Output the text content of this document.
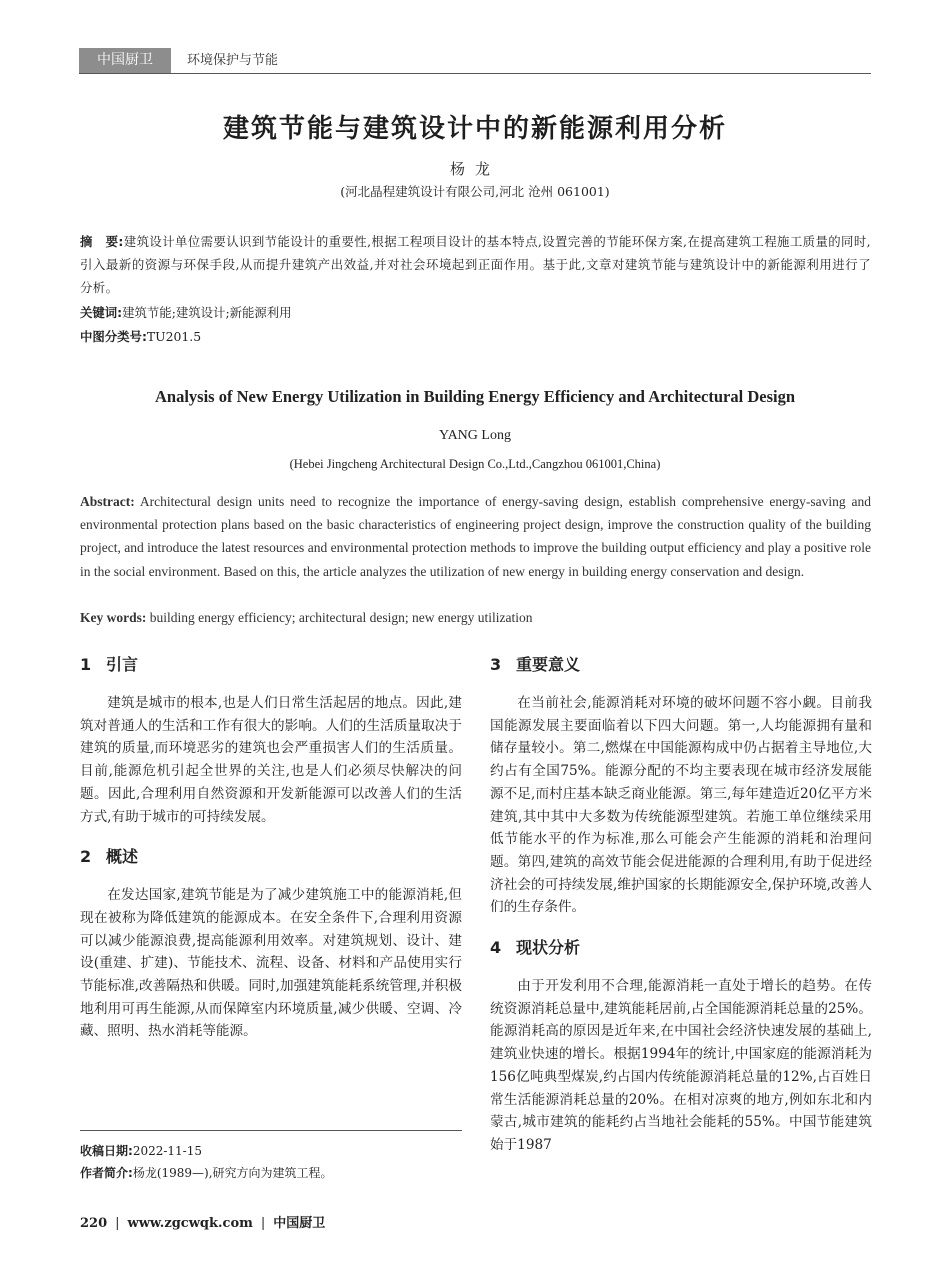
中国厨卫	环境保护与节能
建筑节能与建筑设计中的新能源利用分析
杨龙
(河北晶程建筑设计有限公司,河北 沧州 061001)
摘　要:建筑设计单位需要认识到节能设计的重要性,根据工程项目设计的基本特点,设置完善的节能环保方案,在提高建筑工程施工质量的同时,引入最新的资源与环保手段,从而提升建筑产出效益,并对社会环境起到正面作用。基于此,文章对建筑节能与建筑设计中的新能源利用进行了分析。
关键词:建筑节能;建筑设计;新能源利用
中图分类号:TU201.5
Analysis of New Energy Utilization in Building Energy Efficiency and Architectural Design
YANG Long
(Hebei Jingcheng Architectural Design Co.,Ltd.,Cangzhou 061001,China)
Abstract: Architectural design units need to recognize the importance of energy-saving design, establish comprehensive energy-saving and environmental protection plans based on the basic characteristics of engineering project design, improve the construction quality of the building project, and introduce the latest resources and environmental protection methods to improve the building output efficiency and play a positive role in the social environment. Based on this, the article analyzes the utilization of new energy in building energy conservation and design.
Key words: building energy efficiency; architectural design; new energy utilization
1 引言

建筑是城市的根本,也是人们日常生活起居的地点。因此,建筑对普通人的生活和工作有很大的影响。人们的生活质量取决于建筑的质量,而环境恶劣的建筑也会严重损害人们的生活质量。目前,能源危机引起全世界的关注,也是人们必须尽快解决的问题。因此,合理利用自然资源和开发新能源可以改善人们的生活方式,有助于城市的可持续发展。

2 概述

在发达国家,建筑节能是为了减少建筑施工中的能源消耗,但现在被称为降低建筑的能源成本。在安全条件下,合理利用资源可以减少能源浪费,提高能源利用效率。对建筑规划、设计、建设(重建、扩建)、节能技术、流程、设备、材料和产品使用实行节能标准,改善隔热和供暖。同时,加强建筑能耗系统管理,并积极地利用可再生能源,从而保障室内环境质量,减少供暖、空调、冷藏、照明、热水消耗等能源。

3 重要意义

在当前社会,能源消耗对环境的破坏问题不容小觑。目前我国能源发展主要面临着以下四大问题。第一,人均能源拥有量和储存量较小。第二,燃煤在中国能源构成中仍占据着主导地位,大约占有全国75%。能源分配的不均主要表现在城市经济发展能源不足,而村庄基本缺乏商业能源。第三,每年建造近20亿平方米建筑,其中其中大多数为传统能源型建筑。若施工单位继续采用低节能水平的作为标准,那么可能会产生能源的消耗和治理问题。第四,建筑的高效节能会促进能源的合理利用,有助于促进经济社会的可持续发展,维护国家的长期能源安全,保护环境,改善人们的生存条件。

4 现状分析

由于开发利用不合理,能源消耗一直处于增长的趋势。在传统资源消耗总量中,建筑能耗居前,占全国能源消耗总量的25%。能源消耗高的原因是近年来,在中国社会经济快速发展的基础上,建筑业快速的增长。根据1994年的统计,中国家庭的能源消耗为156亿吨典型煤炭,约占国内传统能源消耗总量的12%,占百姓日常生活能源消耗总量的20%。在相对凉爽的地方,例如东北和内蒙古,城市建筑的能耗约占当地社会能耗的55%。中国节能建筑始于1987

收稿日期:2022-11-15
作者简介:杨龙(1989—),研究方向为建筑工程。
220 | www.zgcwqk.com | 中国厨卫
